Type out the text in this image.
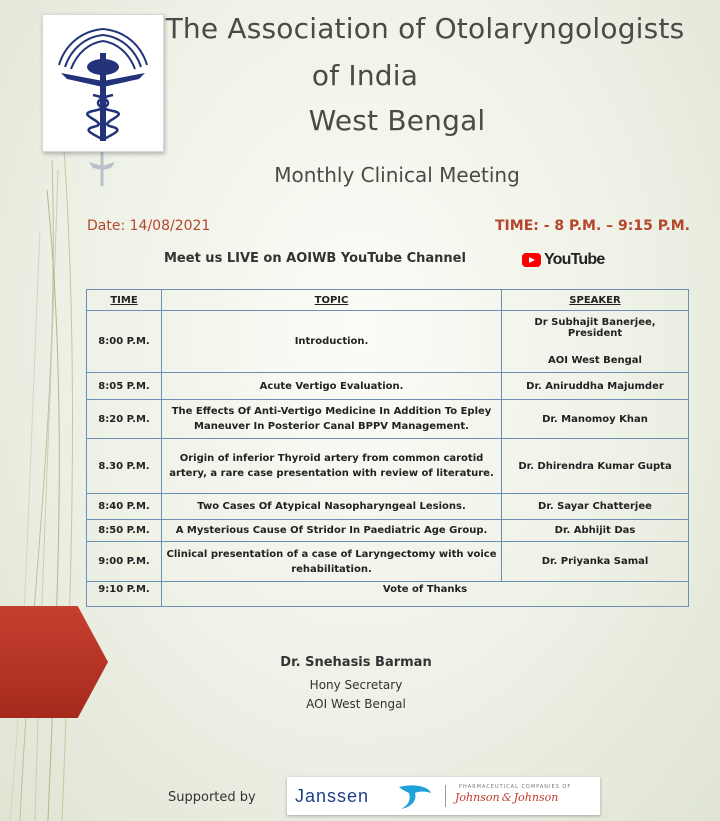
The Association of Otolaryngologists
of India
West Bengal
Monthly Clinical Meeting
Date: 14/08/2021	TIME: - 8 P.M. – 9:15 P.M.
Meet us LIVE on AOIWB YouTube Channel	YouTube
TIME	TOPIC	SPEAKER
8:00 P.M.	Introduction.	Dr Subhajit Banerjee, President
AOI West Bengal

8:05 P.M.	Acute Vertigo Evaluation.	Dr. Aniruddha Majumder
8:20 P.M.	The Effects Of Anti-Vertigo Medicine In Addition To Epley Maneuver In Posterior Canal BPPV Management.	Dr. Manomoy Khan
8.30 P.M.	Origin of inferior Thyroid artery from common carotid artery, a rare case presentation with review of literature.	Dr. Dhirendra Kumar Gupta
8:40 P.M.	Two Cases Of Atypical Nasopharyngeal Lesions.	Dr. Sayar Chatterjee
8:50 P.M.	A Mysterious Cause Of Stridor In Paediatric Age Group.	Dr. Abhijit Das
9:00 P.M.	Clinical presentation of a case of Laryngectomy with voice rehabilitation.	Dr. Priyanka Samal
9:10 P.M.	Vote of Thanks	
Dr. Snehasis Barman
Hony Secretary
AOI West Bengal
Supported by Janssen	PHARMACEUTICAL COMPANIES OF
Johnson & Johnson
